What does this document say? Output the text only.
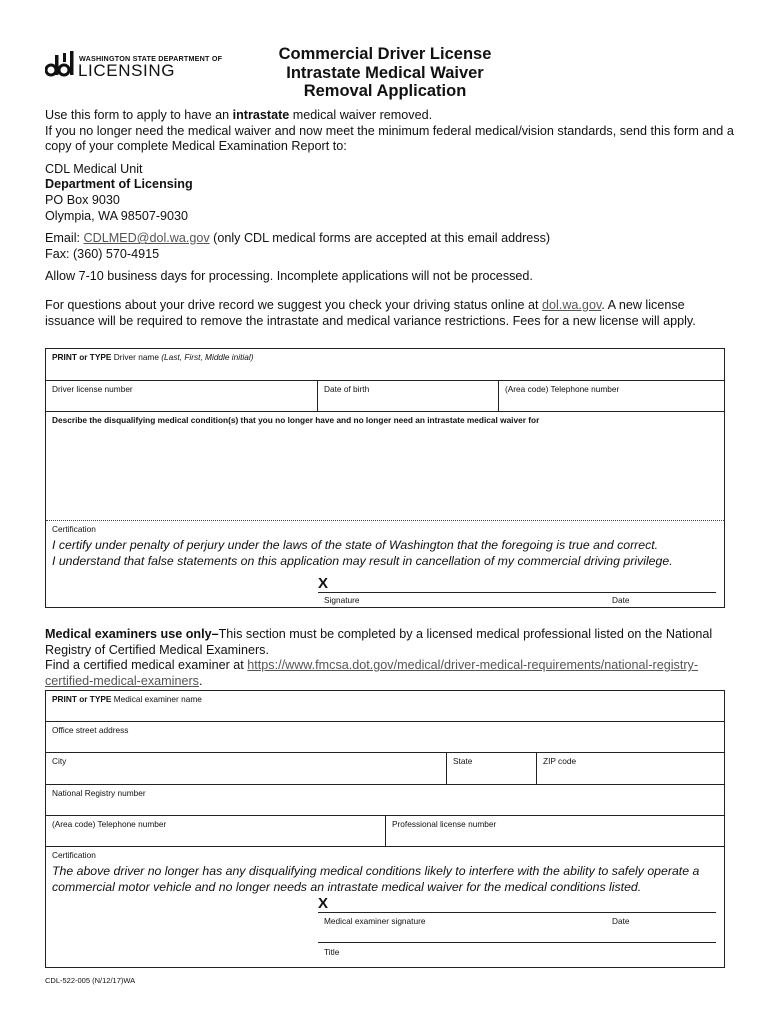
WASHINGTON STATE DEPARTMENT OF
LICENSING
Commercial Driver License
Intrastate Medical Waiver
Removal Application

Use this form to apply to have an intrastate medical waiver removed.

If you no longer need the medical waiver and now meet the minimum federal medical/vision standards, send this form and a copy of your complete Medical Examination Report to:

CDL Medical Unit

Department of Licensing

PO Box 9030

Olympia, WA 98507-9030

Email: CDLMED@dol.wa.gov (only CDL medical forms are accepted at this email address)

Fax: (360) 570-4915

Allow 7-10 business days for processing. Incomplete applications will not be processed.

For questions about your drive record we suggest you check your driving status online at dol.wa.gov. A new license issuance will be required to remove the intrastate and medical variance restrictions. Fees for a new license will apply.

PRINT or TYPE Driver name (Last, First, Middle initial)
Driver license number	Date of birth	(Area code) Telephone number
Describe the disqualifying medical condition(s) that you no longer have and no longer need an intrastate medical waiver for
Certification
I certify under penalty of perjury under the laws of the state of Washington that the foregoing is true and correct.
I understand that false statements on this application may result in cancellation of my commercial driving privilege.
X
Signature	Date

Medical examiners use only–This section must be completed by a licensed medical professional listed on the National Registry of Certified Medical Examiners.

Find a certified medical examiner at https://www.fmcsa.dot.gov/medical/driver-medical-requirements/national-registry-certified-medical-examiners.

PRINT or TYPE Medical examiner name
Office street address
City	State	ZIP code
National Registry number
(Area code) Telephone number	Professional license number
Certification
The above driver no longer has any disqualifying medical conditions likely to interfere with the ability to safely operate a commercial motor vehicle and no longer needs an intrastate medical waiver for the medical conditions listed.
X
Medical examiner signature	Date
Title
CDL-522-005 (N/12/17)WA
